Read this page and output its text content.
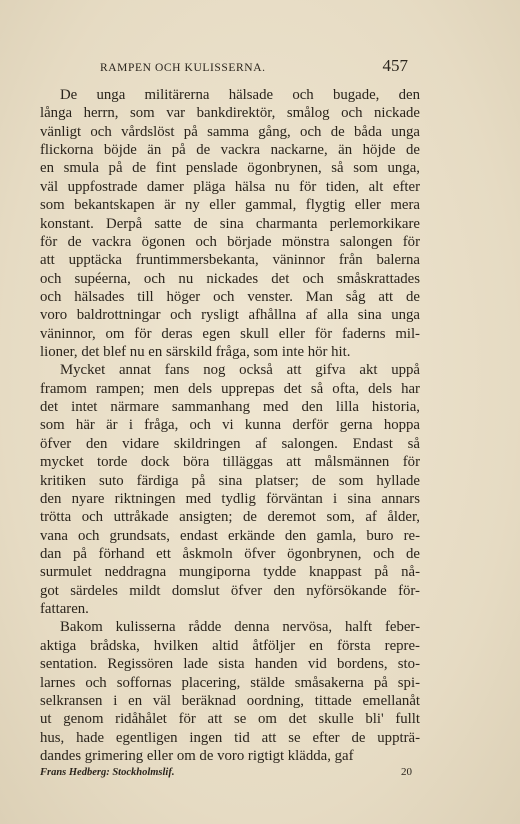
RAMPEN OCH KULISSERNA.	457
De unga militärerna hälsade och bugade, den
långa herrn, som var bankdirektör, smålog och nickade
vänligt och vårdslöst på samma gång, och de båda unga
flickorna böjde än på de vackra nackarne, än höjde de
en smula på de fint penslade ögonbrynen, så som unga,
väl uppfostrade damer pläga hälsa nu för tiden, alt efter
som bekantskapen är ny eller gammal, flygtig eller mera
konstant. Derpå satte de sina charmanta perlemorkikare
för de vackra ögonen och började mönstra salongen för
att upptäcka fruntimmersbekanta, väninnor från balerna
och supéerna, och nu nickades det och småskrattades
och hälsades till höger och venster. Man såg att de
voro baldrottningar och rysligt afhållna af alla sina unga
väninnor, om för deras egen skull eller för faderns mil-
lioner, det blef nu en särskild fråga, som inte hör hit.
Mycket annat fans nog också att gifva akt uppå
framom rampen; men dels upprepas det så ofta, dels har
det intet närmare sammanhang med den lilla historia,
som här är i fråga, och vi kunna derför gerna hoppa
öfver den vidare skildringen af salongen. Endast så
mycket torde dock böra tilläggas att målsmännen för
kritiken suto färdiga på sina platser; de som hyllade
den nyare riktningen med tydlig förväntan i sina annars
trötta och uttråkade ansigten; de deremot som, af ålder,
vana och grundsats, endast erkände den gamla, buro re-
dan på förhand ett åskmoln öfver ögonbrynen, och de
surmulet neddragna mungiporna tydde knappast på nå-
got särdeles mildt domslut öfver den nyförsökande för-
fattaren.
Bakom kulisserna rådde denna nervösa, halft feber-
aktiga brådska, hvilken altid åtföljer en första repre-
sentation. Regissören lade sista handen vid bordens, sto-
larnes och soffornas placering, stälde småsakerna på spi-
selkransen i en väl beräknad oordning, tittade emellanåt
ut genom ridåhålet för att se om det skulle bli' fullt
hus, hade egentligen ingen tid att se efter de uppträ-
dandes grimering eller om de voro rigtigt klädda, gaf
Frans Hedberg: Stockholmslif.	20
